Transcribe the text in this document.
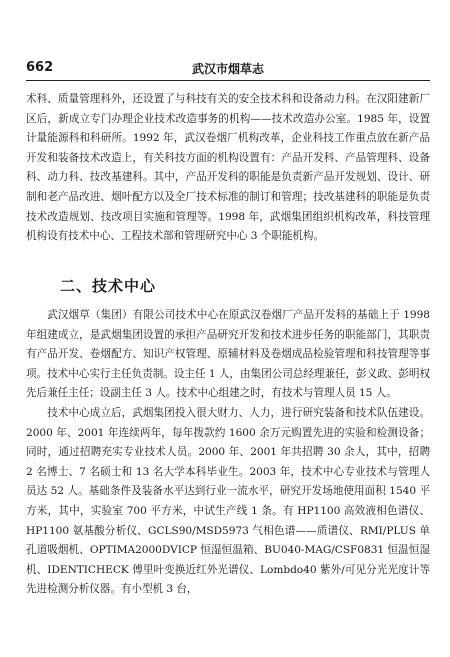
662	武汉市烟草志

术科、质量管理科外，还设置了与科技有关的安全技术科和设备动力科。在汉阳建新厂区后，新成立专门办理企业技术改造事务的机构——技术改造办公室。1985 年，设置计量能源科和科研所。1992 年，武汉卷烟厂机构改革，企业科技工作重点放在新产品开发和装备技术改造上，有关科技方面的机构设置有：产品开发科、产品管理科、设备科、动力科、技改基建科。其中，产品开发科的职能是负责新产品开发规划、设计、研制和老产品改进、烟叶配方以及全厂技术标准的制订和管理；技改基建科的职能是负责技术改造规划、技改项目实施和管理等。1998 年，武烟集团组织机构改革，科技管理机构设有技术中心、工程技术部和管理研究中心 3 个职能机构。

二、技术中心

武汉烟草（集团）有限公司技术中心在原武汉卷烟厂产品开发科的基础上于 1998 年组建成立，是武烟集团设置的承担产品研究开发和技术进步任务的职能部门，其职责有产品开发、卷烟配方、知识产权管理、原辅材料及卷烟成品检验管理和科技管理等事项。技术中心实行主任负责制。设主任 1 人，由集团公司总经理兼任，彭义政、彭明权先后兼任主任；设副主任 3 人。技术中心组建之时，有技术与管理人员 15 人。

技术中心成立后，武烟集团投入很大财力、人力，进行研究装备和技术队伍建设。2000 年、2001 年连续两年，每年拨款约 1600 余万元购置先进的实验和检测设备；同时，通过招聘充实专业技术人员。2000 年、2001 年共招聘 30 余人，其中，招聘 2 名博士、7 名硕士和 13 名大学本科毕业生。2003 年，技术中心专业技术与管理人员达 52 人。基础条件及装备水平达到行业一流水平，研究开发场地使用面积 1540 平方米，其中，实验室 700 平方米，中试生产线 1 条。有 HP1100 高效液相色谱仪、HP1100 氨基酸分析仪、GCLS90/MSD5973 气相色谱——质谱仪、RMI/PLUS 单孔道吸烟机、OPTIMA2000DVICP 恒湿恒温箱、BU040-MAG/CSF0831 恒温恒湿机、IDENTICHECK 傅里叶变换近红外光谱仪、Lombdo40 紫外/可见分光光度计等先进检测分析仪器。有小型机 3 台，
